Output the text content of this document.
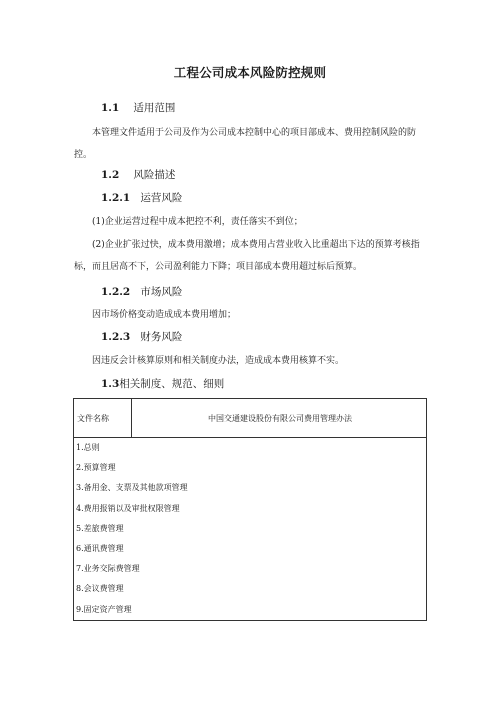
工程公司成本风险防控规则
1.1 适用范围
本管理文件适用于公司及作为公司成本控制中心的项目部成本、费用控制风险的防控。
1.2 风险描述
1.2.1 运营风险
(1)企业运营过程中成本把控不利，责任落实不到位；
(2)企业扩张过快，成本费用激增；成本费用占营业收入比重超出下达的预算考核指标，而且居高不下，公司盈利能力下降；项目部成本费用超过标后预算。
1.2.2 市场风险
因市场价格变动造成成本费用增加；
1.2.3 财务风险
因违反会计核算原则和相关制度办法，造成成本费用核算不实。
1.3相关制度、规范、细则
文件名称	中国交通建设股份有限公司费用管理办法

1.总则
2.预算管理
3.备用金、支票及其他款项管理
4.费用报销以及审批权限管理
5.差旅费管理
6.通讯费管理
7.业务交际费管理
8.会议费管理
9.固定资产管理
